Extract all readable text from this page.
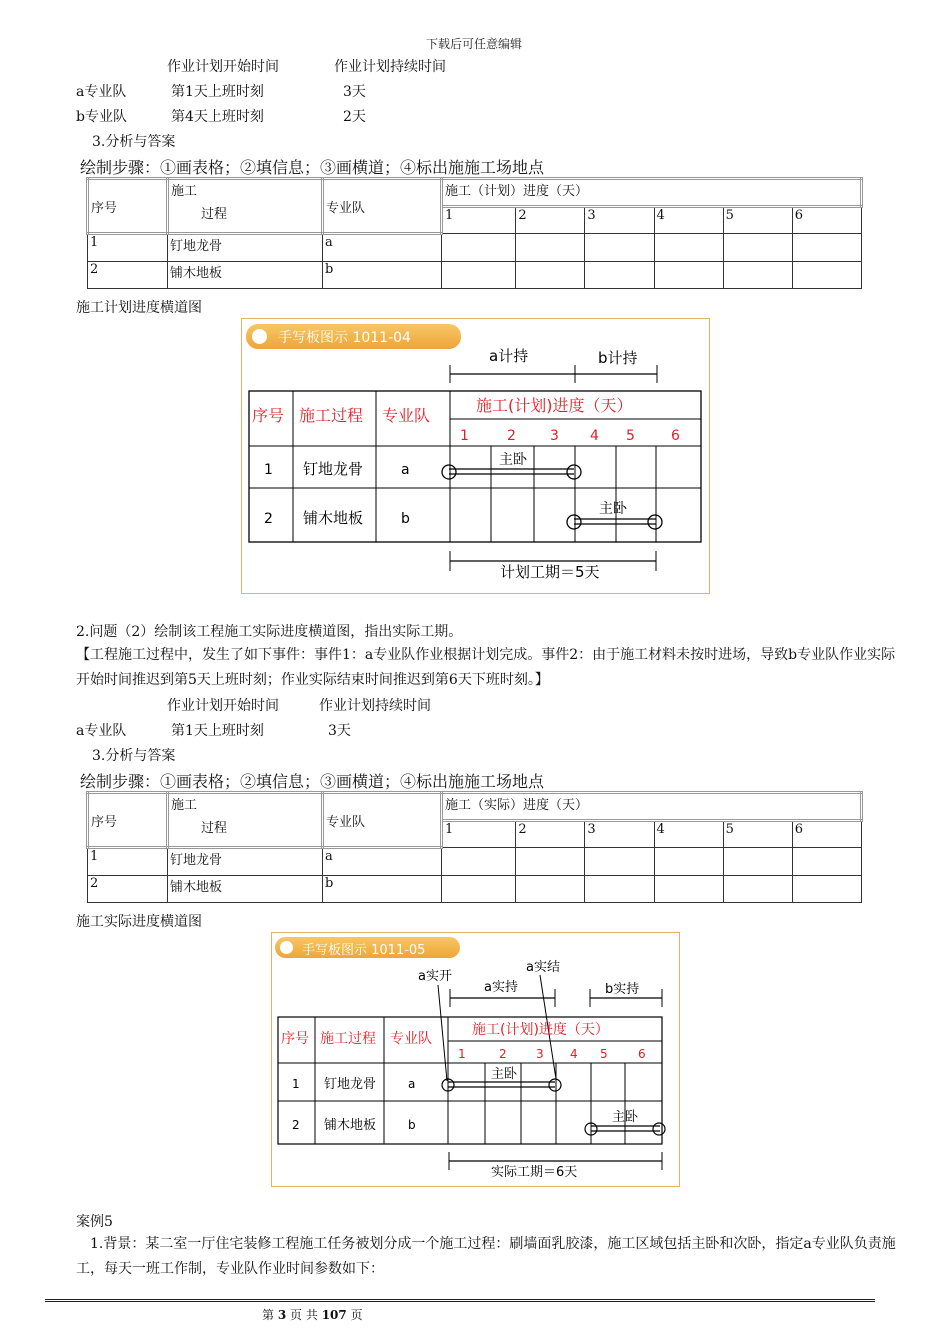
下载后可任意编辑
作业计划开始时间	作业计划持续时间
a专业队	第1天上班时刻	3天
b专业队	第4天上班时刻	2天
3.分析与答案
绘制步骤：①画表格；②填信息；③画横道；④标出施施工场地点
序号	施工
过程	专业队	施工（计划）进度（天）					
			1	2	3	4	5	6
1	钉地龙骨	a						
2	铺木地板	b						
施工计划进度横道图
手写板图示 1011-04
a计持	b计持
序号 施工过程 专业队
施工(计划)进度（天）
1	2 3 4 5	6
1 钉地龙骨	a
2 铺木地板	b
主卧
主卧
计划工期＝5天
2.问题（2）绘制该工程施工实际进度横道图，指出实际工期。
【工程施工过程中，发生了如下事件：事件1：a专业队作业根据计划完成。事件2：由于施工材料未按时进场，导致b专业队作业实际开始时间推迟到第5天上班时刻；作业实际结束时间推迟到第6天下班时刻。】
作业计划开始时间	作业计划持续时间
a专业队	第1天上班时刻	3天
3.分析与答案
绘制步骤：①画表格；②填信息；③画横道；④标出施施工场地点
序号	施工
过程	专业队	施工（实际）进度（天）					
			1	2	3	4	5	6
1	钉地龙骨	a						
2	铺木地板	b						
施工实际进度横道图
手写板图示 1011-05
a实开
a实结
a实持	b实持
序号 施工过程 专业队
施工(计划)进度（天）
1	2 3 4 5	6
1 钉地龙骨	a
2 铺木地板	b
主卧
主卧
实际工期＝6天
案例5
1.背景：某二室一厅住宅装修工程施工任务被划分成一个施工过程：刷墙面乳胶漆，施工区域包括主卧和次卧，指定a专业队负责施工，每天一班工作制，专业队作业时间参数如下：
第 3 页 共 107 页
